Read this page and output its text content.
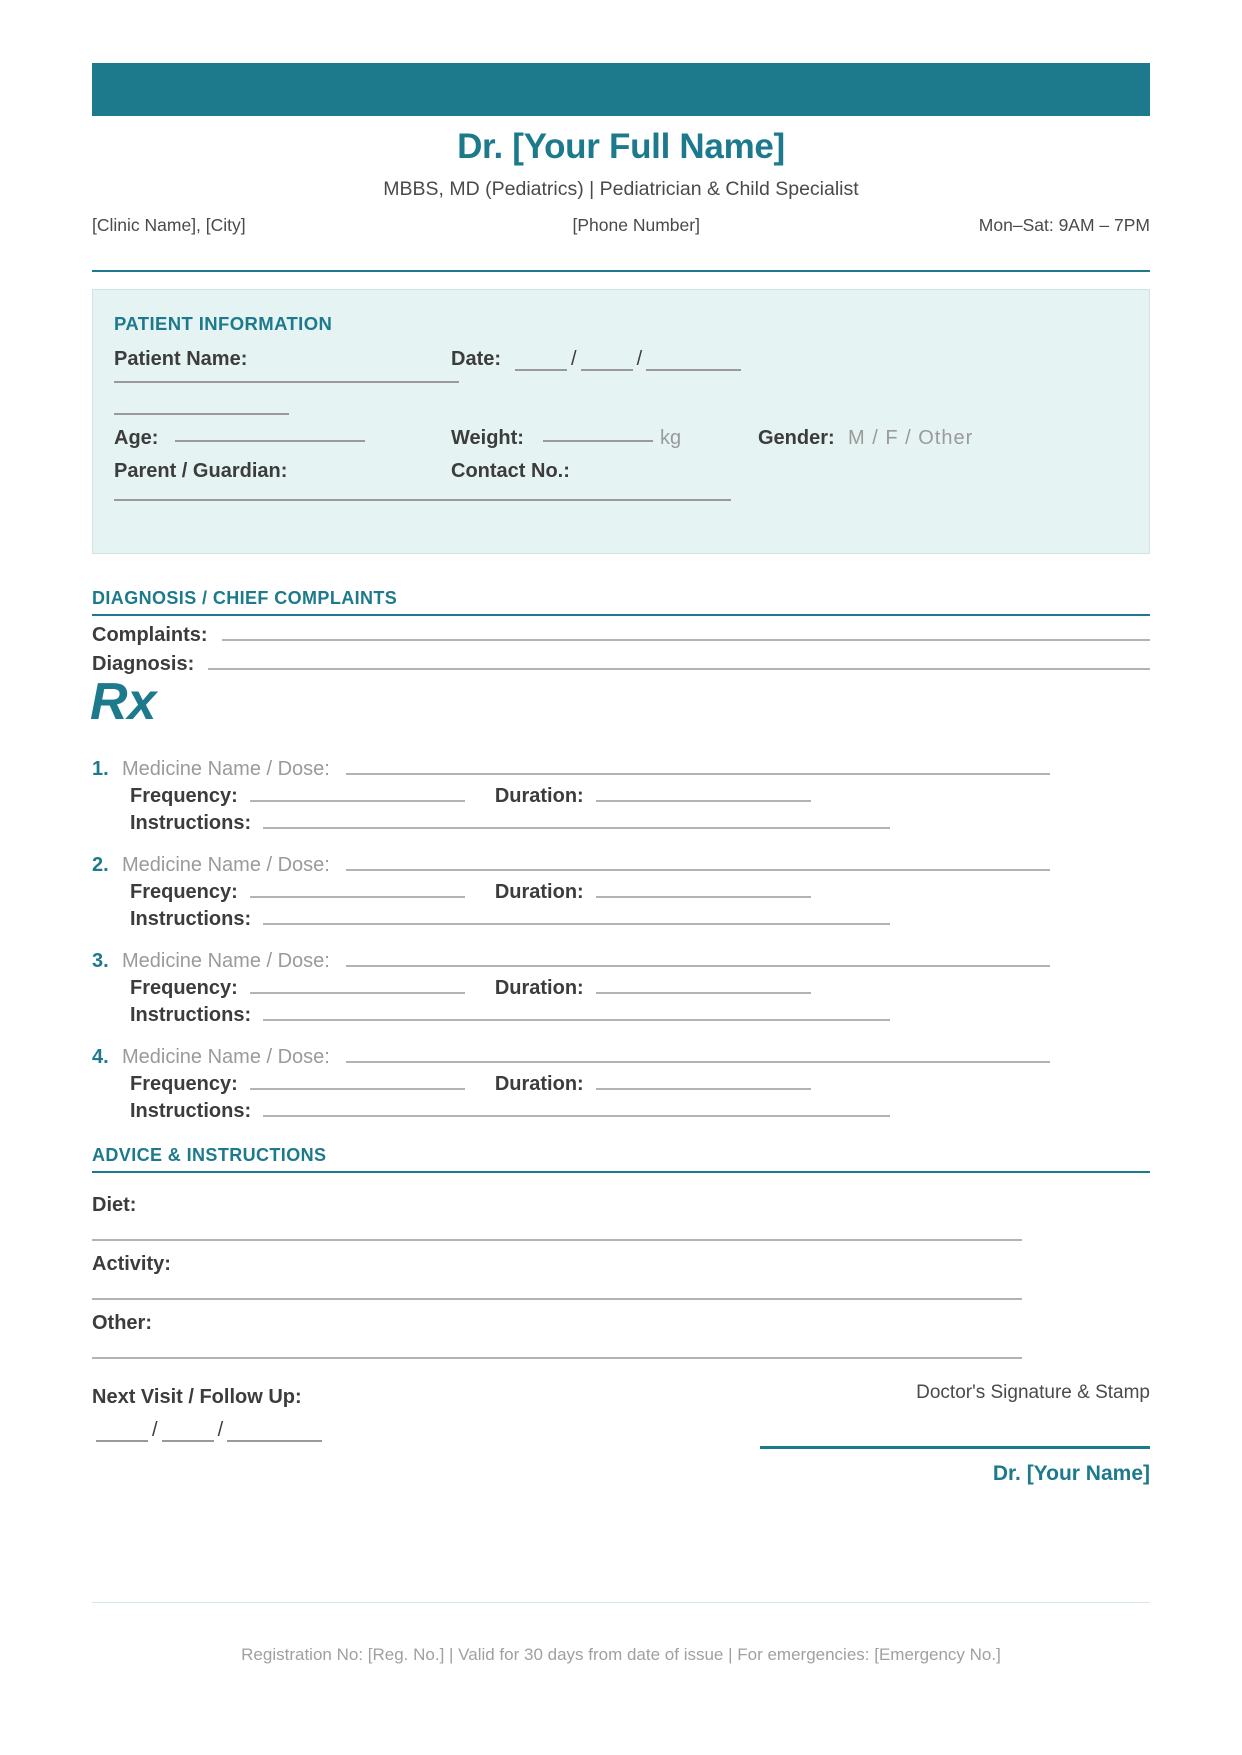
Dr. [Your Full Name]
MBBS, MD (Pediatrics) | Pediatrician & Child Specialist
[Clinic Name], [City]	[Phone Number]	Mon–Sat: 9AM – 7PM
PATIENT INFORMATION
Patient Name:	Date:	/	/
Age:	Weight:	kg	Gender: M / F / Other
Parent / Guardian:	Contact No.:
DIAGNOSIS / CHIEF COMPLAINTS
Complaints:
Diagnosis:
Rx
1. Medicine Name / Dose:
Frequency:	Duration:
Instructions:
2. Medicine Name / Dose:
Frequency:	Duration:
Instructions:
3. Medicine Name / Dose:
Frequency:	Duration:
Instructions:
4. Medicine Name / Dose:
Frequency:	Duration:
Instructions:
ADVICE & INSTRUCTIONS
Diet:
Activity:
Other:
Next Visit / Follow Up:
/	/
Doctor's Signature & Stamp
Dr. [Your Name]
Registration No: [Reg. No.] | Valid for 30 days from date of issue | For emergencies: [Emergency No.]
